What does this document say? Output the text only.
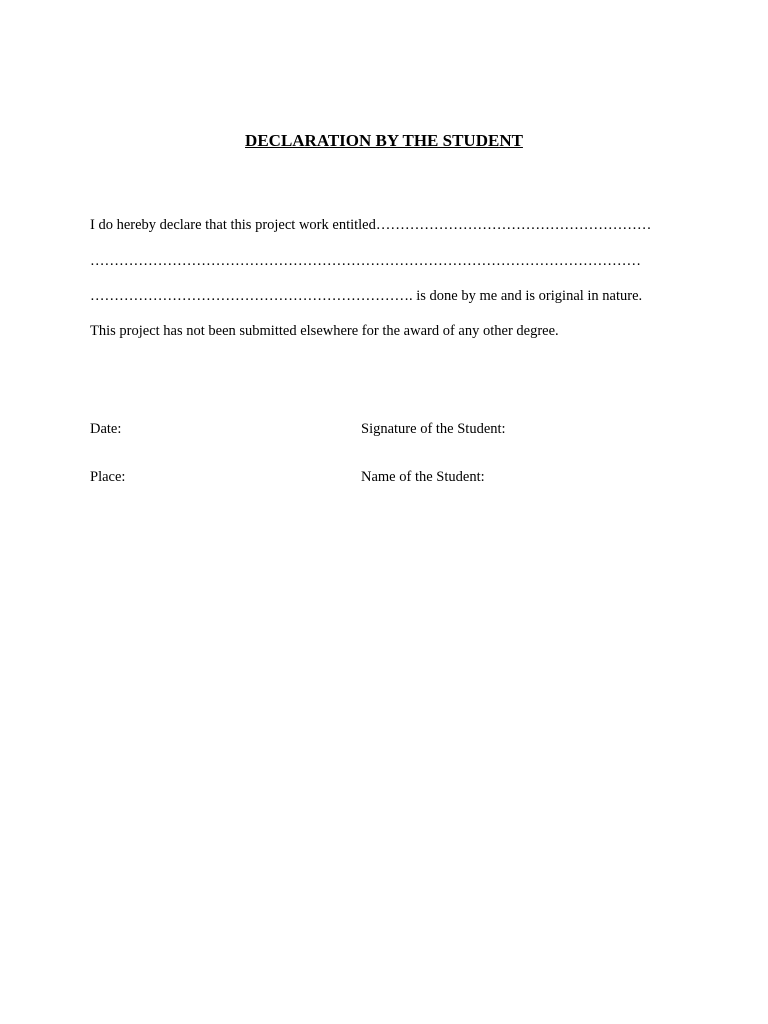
DECLARATION BY THE STUDENT
I do hereby declare that this project work entitled…………………………………………………
……………………………………………………………………………………………………
…………………………………………………………. is done by me and is original in nature.
This project has not been submitted elsewhere for the award of any other degree.
Date:	Signature of the Student:
Place:	Name of the Student:
